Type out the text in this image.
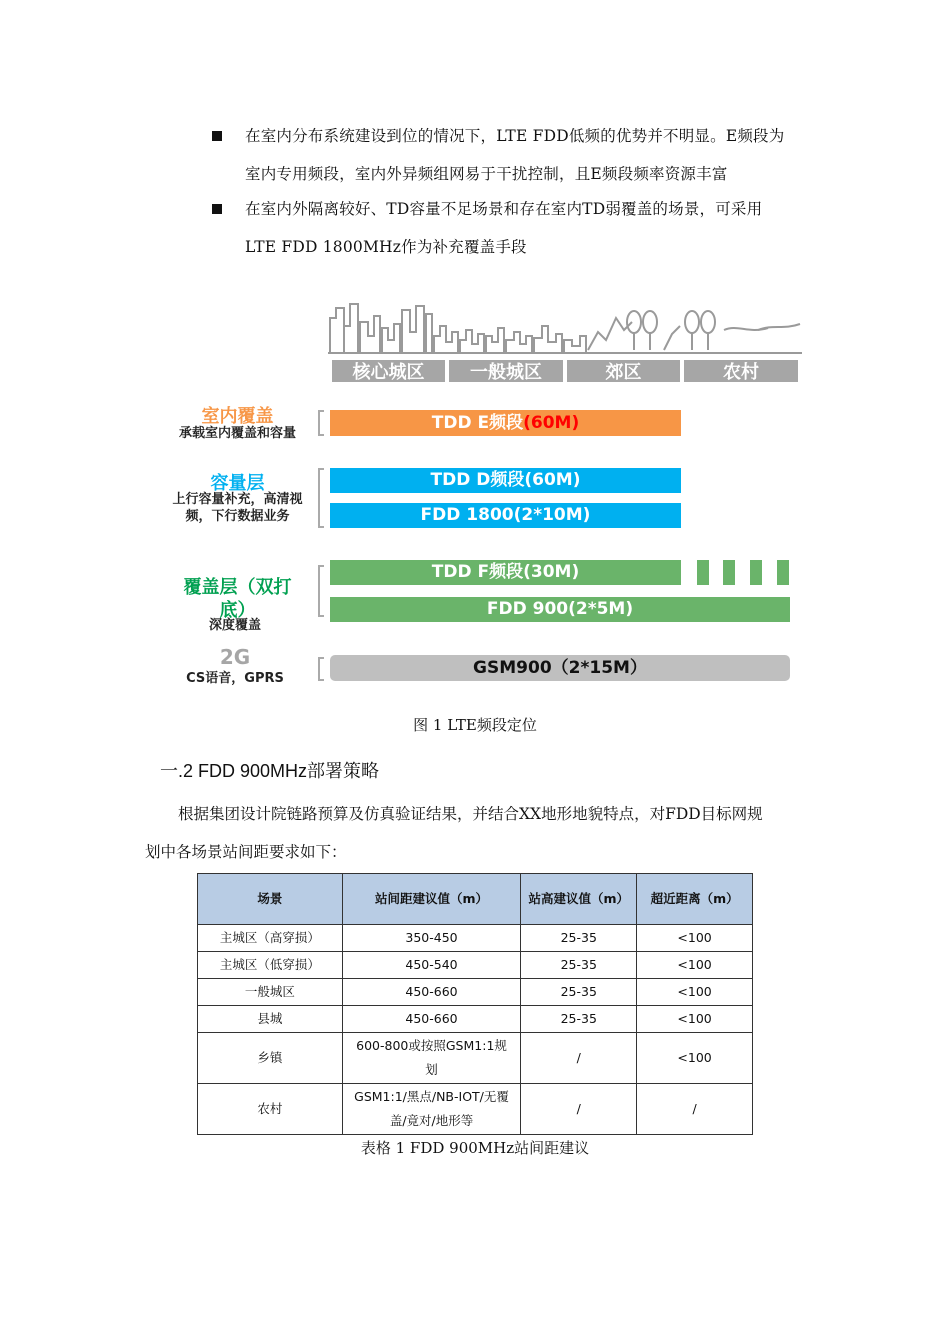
在室内分布系统建设到位的情况下，LTE FDD低频的优势并不明显。E频段为
室内专用频段，室内外异频组网易于干扰控制，且E频段频率资源丰富
在室内外隔离较好、TD容量不足场景和存在室内TD弱覆盖的场景，可采用
LTE FDD 1800MHz作为补充覆盖手段
核心城区	一般城区	郊区	农村
室内覆盖
承载室内覆盖和容量
TDD E频段(60M)
容量层
上行容量补充，高清视
频，下行数据业务
TDD D频段(60M)
FDD 1800(2*10M)
覆盖层（双打
底）
深度覆盖
TDD F频段(30M)
FDD 900(2*5M)
2G
CS语音，GPRS
GSM900（2*15M）
图 1 LTE频段定位
一.2 FDD 900MHz部署策略
根据集团设计院链路预算及仿真验证结果，并结合XX地形地貌特点，对FDD目标网规
划中各场景站间距要求如下：
场景	站间距建议值（m）	站高建议值（m）	超近距离（m）
主城区（高穿损）	350-450	25-35	<100
主城区（低穿损）	450-540	25-35	<100
一般城区	450-660	25-35	<100
县城	450-660	25-35	<100
乡镇	600-800或按照GSM1:1规划	/	<100
农村	GSM1:1/黑点/NB-IOT/无覆盖/竟对/地形等	/	/
表格 1 FDD 900MHz站间距建议
